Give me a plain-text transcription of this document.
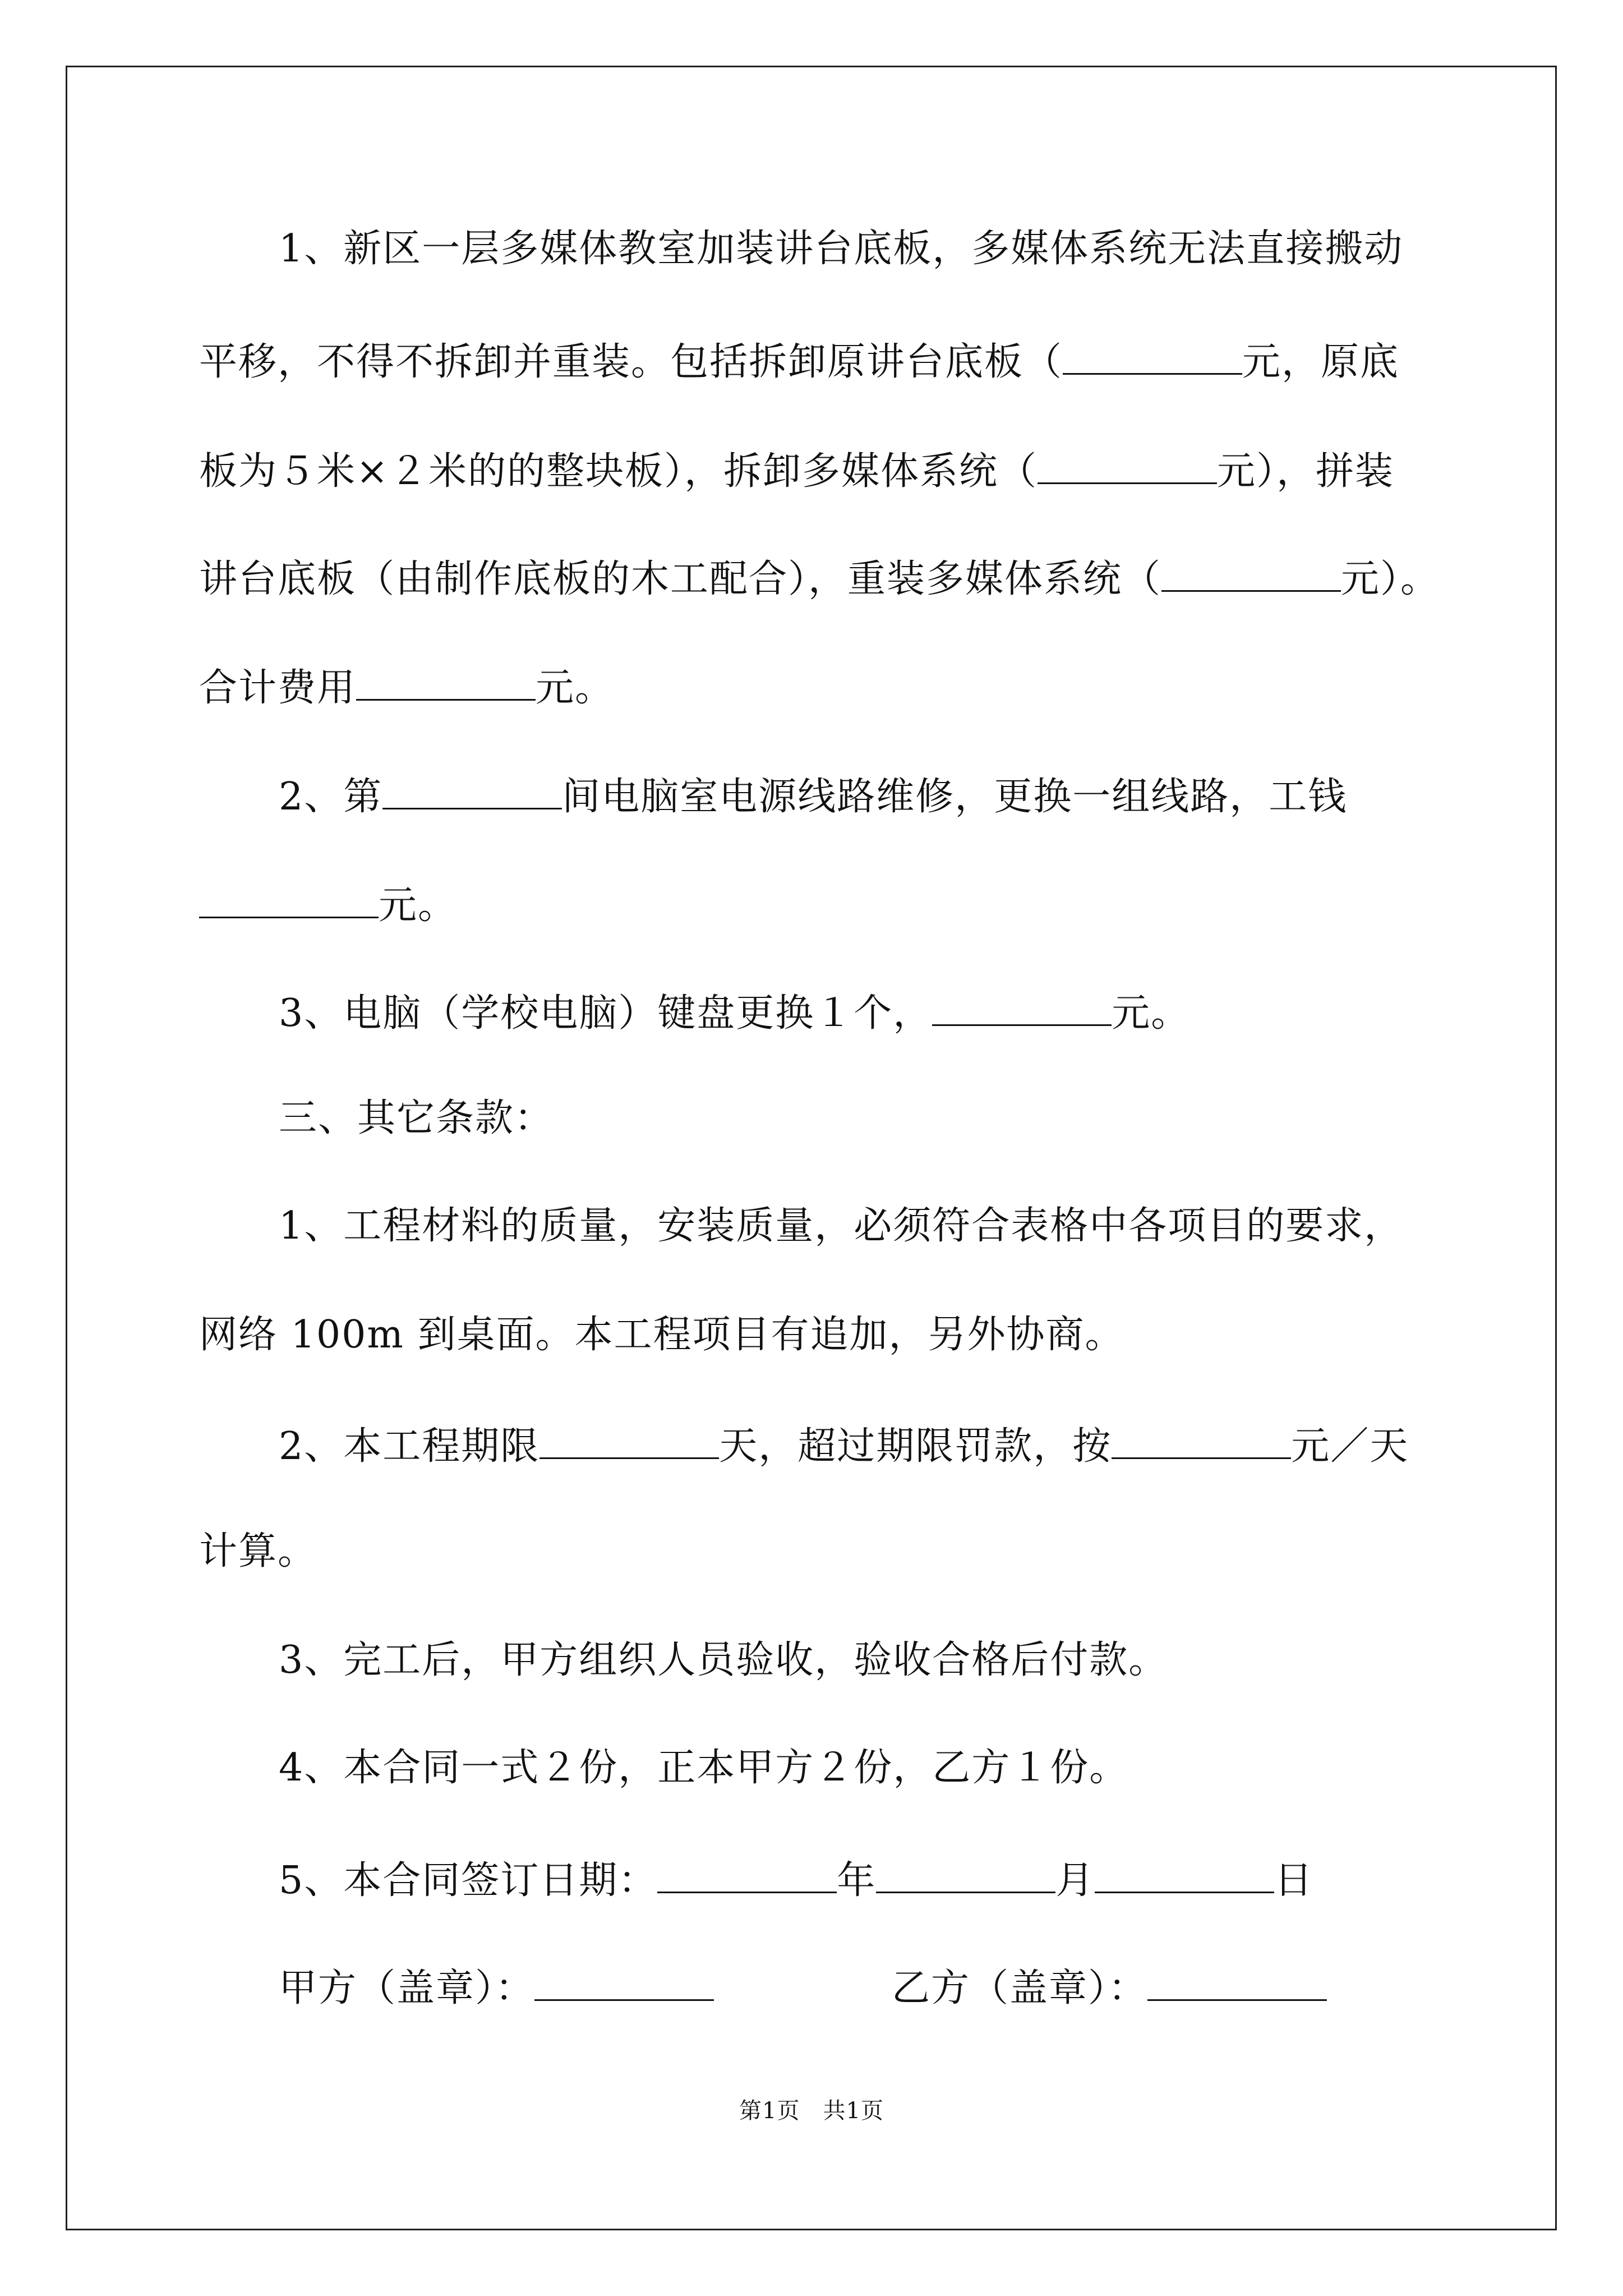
1、新区一层多媒体教室加装讲台底板，多媒体系统无法直接搬动
平移，不得不拆卸并重装。包括拆卸原讲台底板（	元，原底
板为５米×２米的的整块板），拆卸多媒体系统（	元），拼装
讲台底板（由制作底板的木工配合），重装多媒体系统（	元）。
合计费用	元。
2、第	间电脑室电源线路维修，更换一组线路，工钱
元。
3、电脑（学校电脑）键盘更换１个，	元。
三、其它条款：
1、工程材料的质量，安装质量，必须符合表格中各项目的要求，
网络 100m 到桌面。本工程项目有追加，另外协商。
2、本工程期限	天，超过期限罚款，按	元／天
计算。
3、完工后，甲方组织人员验收，验收合格后付款。
4、本合同一式２份，正本甲方２份，乙方１份。
5、本合同签订日期：	年	月	日
甲方（盖章）：	乙方（盖章）：
第1页　共1页
